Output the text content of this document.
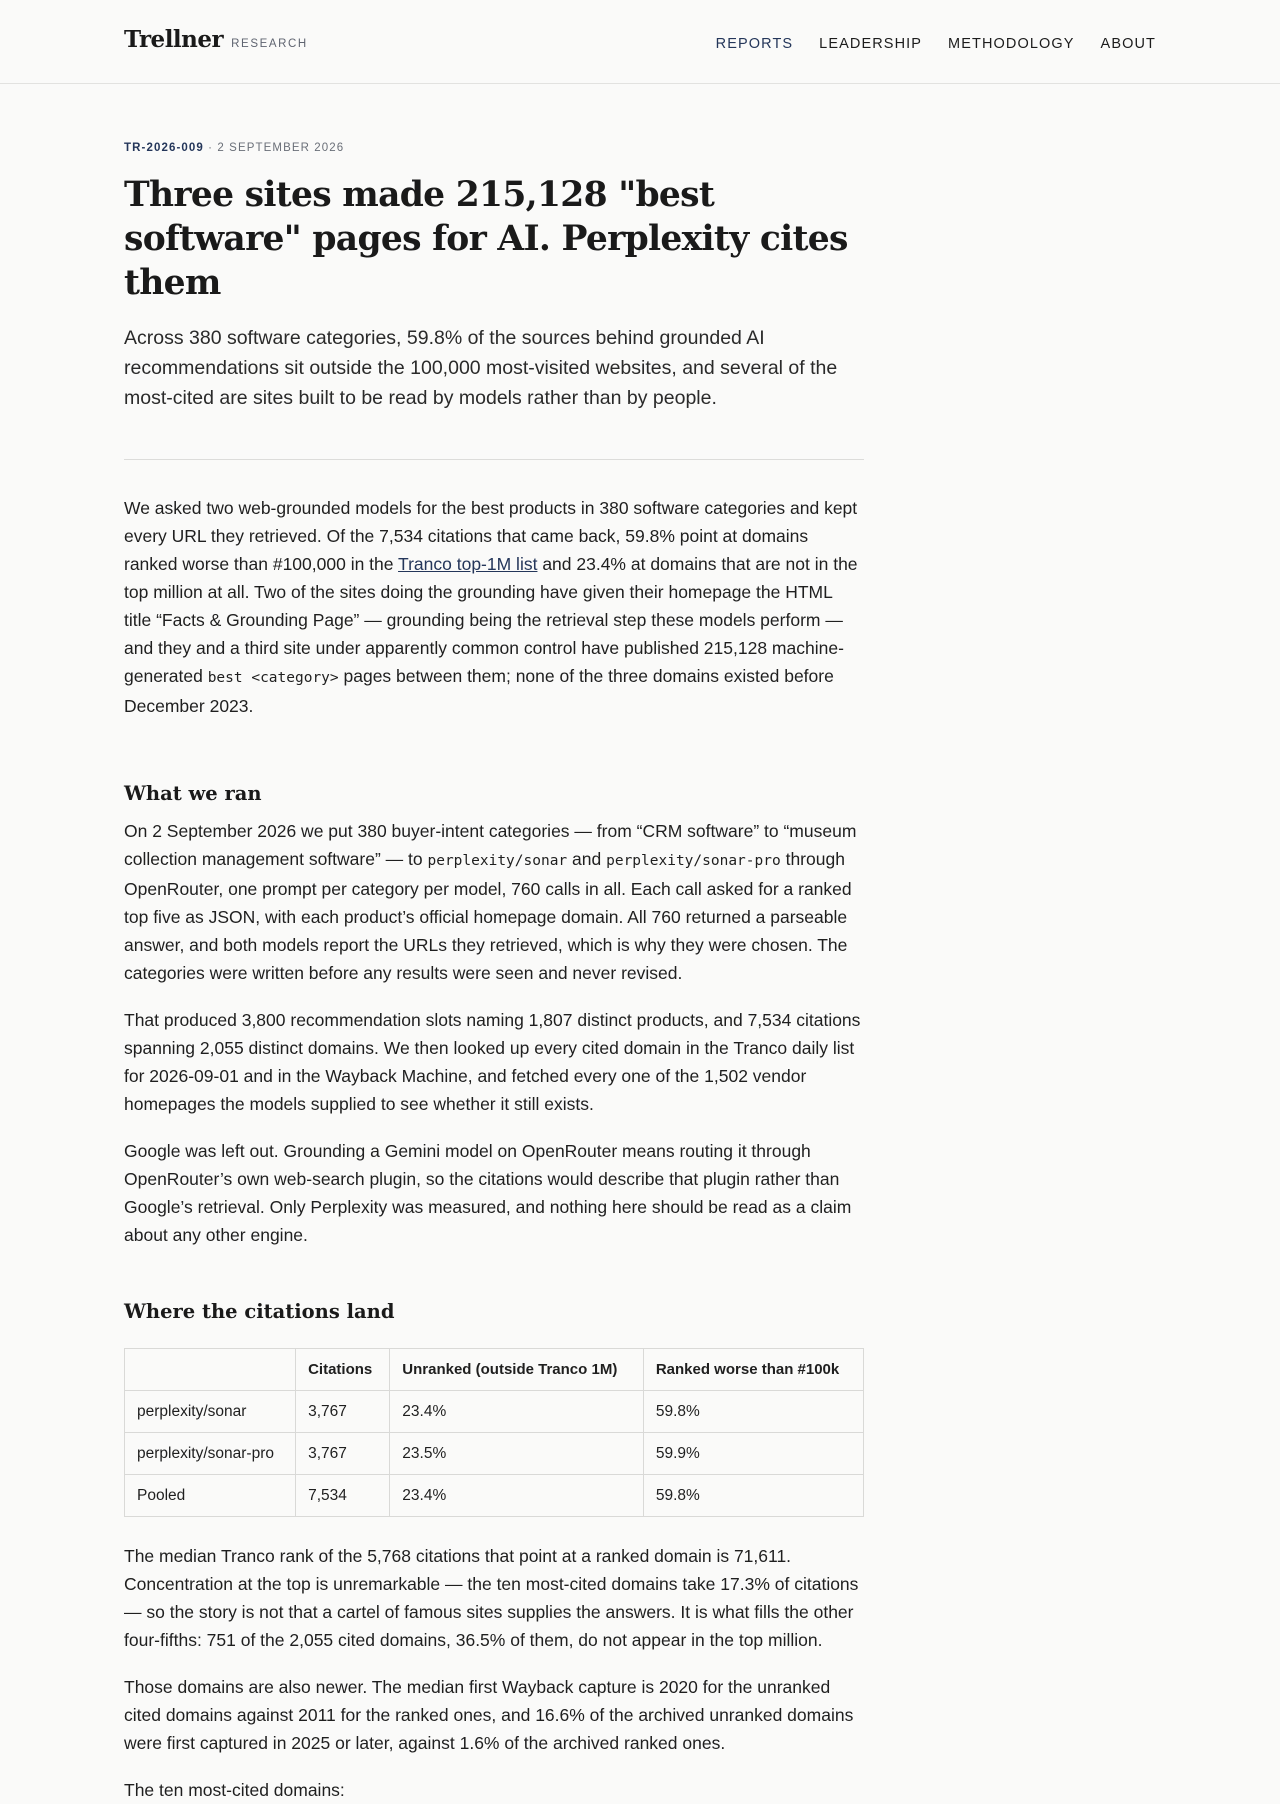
Trellner RESEARCH	REPORTS LEADERSHIP METHODOLOGY ABOUT
TR-2026-009 · 2 SEPTEMBER 2026
Three sites made 215,128 "best software" pages for AI. Perplexity cites them

Across 380 software categories, 59.8% of the sources behind grounded AI recommendations sit outside the 100,000 most-visited websites, and several of the most-cited are sites built to be read by models rather than by people.

We asked two web-grounded models for the best products in 380 software categories and kept every URL they retrieved. Of the 7,534 citations that came back, 59.8% point at domains ranked worse than #100,000 in the Tranco top-1M list and 23.4% at domains that are not in the top million at all. Two of the sites doing the grounding have given their homepage the HTML title “Facts & Grounding Page” — grounding being the retrieval step these models perform — and they and a third site under apparently common control have published 215,128 machine-generated best <category> pages between them; none of the three domains existed before December 2023.

What we ran

On 2 September 2026 we put 380 buyer-intent categories — from “CRM software” to “museum collection management software” — to perplexity/sonar and perplexity/sonar-pro through OpenRouter, one prompt per category per model, 760 calls in all. Each call asked for a ranked top five as JSON, with each product’s official homepage domain. All 760 returned a parseable answer, and both models report the URLs they retrieved, which is why they were chosen. The categories were written before any results were seen and never revised.

That produced 3,800 recommendation slots naming 1,807 distinct products, and 7,534 citations spanning 2,055 distinct domains. We then looked up every cited domain in the Tranco daily list for 2026-09-01 and in the Wayback Machine, and fetched every one of the 1,502 vendor homepages the models supplied to see whether it still exists.

Google was left out. Grounding a Gemini model on OpenRouter means routing it through OpenRouter’s own web-search plugin, so the citations would describe that plugin rather than Google’s retrieval. Only Perplexity was measured, and nothing here should be read as a claim about any other engine.

Where the citations land
	Citations	Unranked (outside Tranco 1M)	Ranked worse than #100k
perplexity/sonar	3,767	23.4%	59.8%
perplexity/sonar-pro	3,767	23.5%	59.9%
Pooled	7,534	23.4%	59.8%

The median Tranco rank of the 5,768 citations that point at a ranked domain is 71,611. Concentration at the top is unremarkable — the ten most-cited domains take 17.3% of citations — so the story is not that a cartel of famous sites supplies the answers. It is what fills the other four-fifths: 751 of the 2,055 cited domains, 36.5% of them, do not appear in the top million.

Those domains are also newer. The median first Wayback capture is 2020 for the unranked cited domains against 2011 for the ranked ones, and 16.6% of the archived unranked domains were first captured in 2025 or later, against 1.6% of the archived ranked ones.

The ten most-cited domains:
